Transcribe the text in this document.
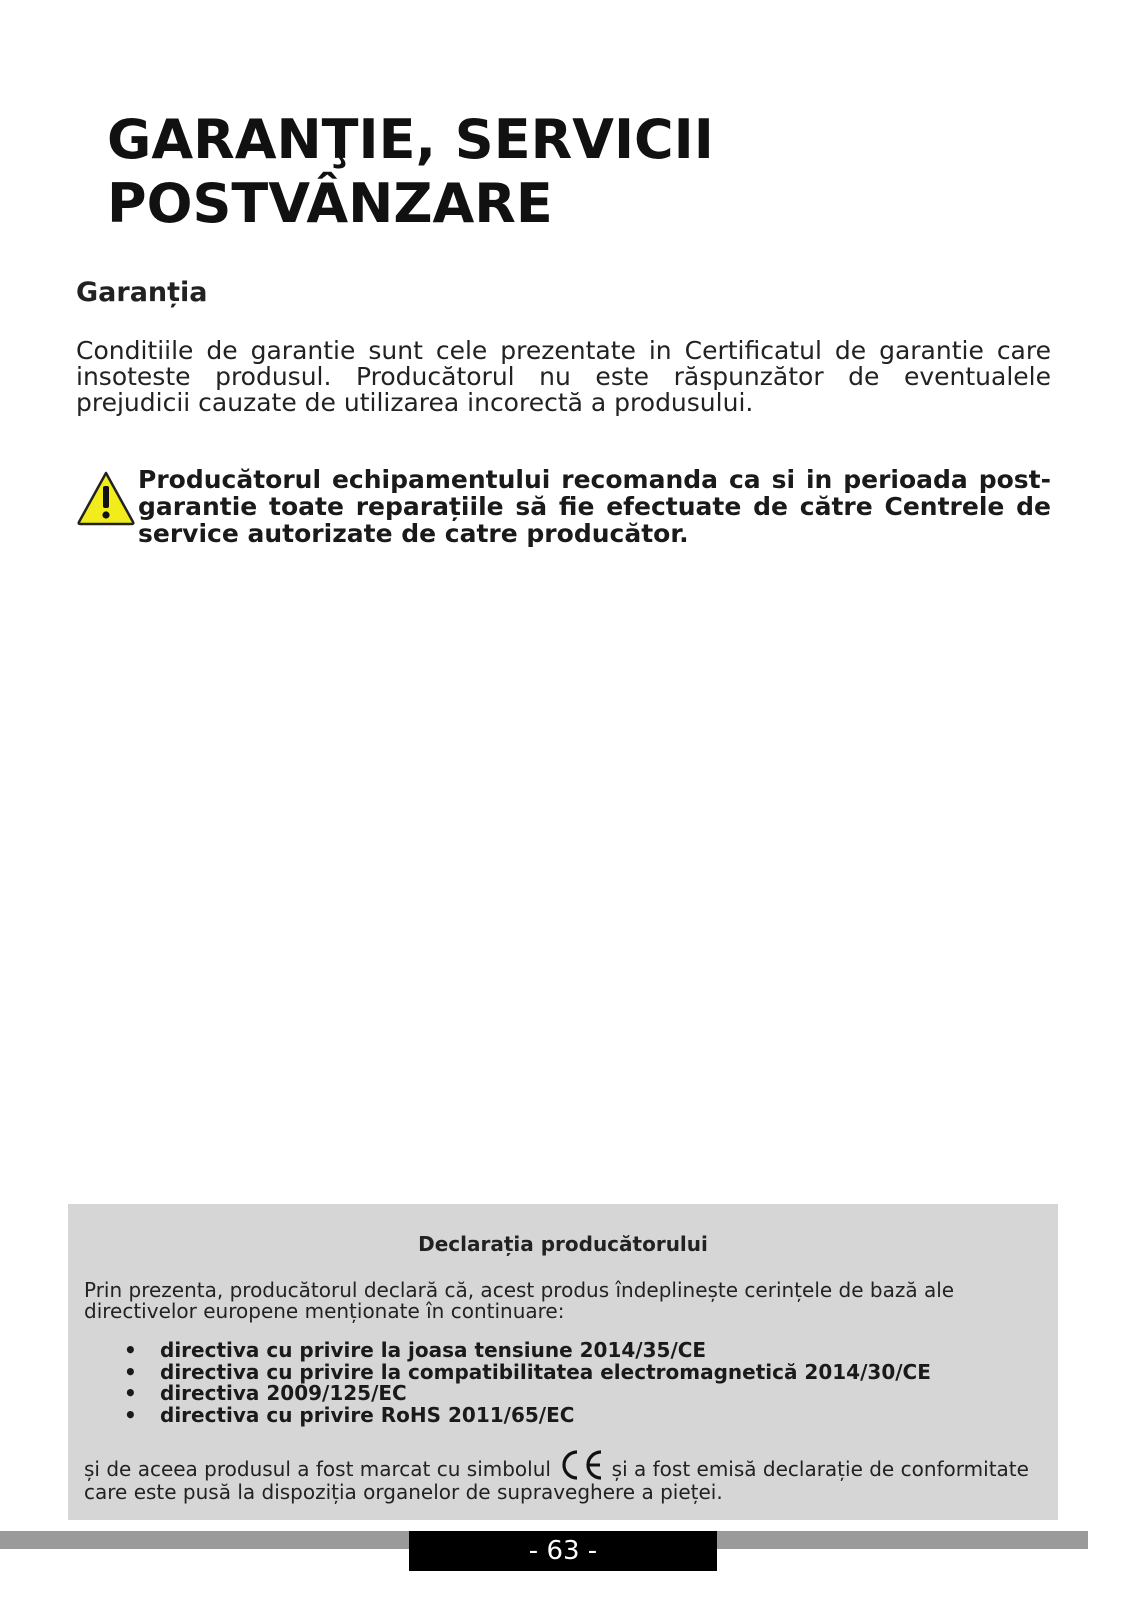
GARANŢIE, SERVICII
POSTVÂNZARE
Garanția

Conditiile de garantie sunt cele prezentate in Certificatul de garantie care insoteste produsul. Producătorul nu este răspunzător de eventualele prejudicii cauzate de utilizarea incorectă a produsului.

Producătorul echipamentului recomanda ca si in perioada post-garantie toate reparațiile să fie efectuate de către Centrele de service autorizate de catre producător.

Declarația producătorului

Prin prezenta, producătorul declară că, acest produs îndeplinește cerințele de bază ale directivelor europene menționate în continuare:

•	directiva cu privire la joasa tensiune 2014/35/CE
•	directiva cu privire la compatibilitatea electromagnetică 2014/30/CE
•	directiva 2009/125/EC
•	directiva cu privire RoHS 2011/65/EC

și de aceea produsul a fost marcat cu simbolul	și a fost emisă declarație de conformitate care este pusă la dispoziția organelor de supraveghere a pieței.

- 63 -
